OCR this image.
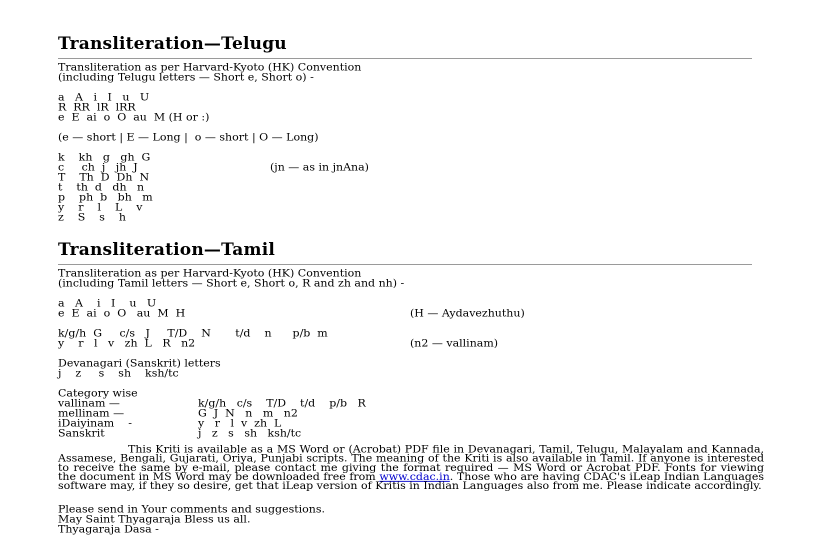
Transliteration—Telugu
Transliteration as per Harvard-Kyoto (HK) Convention
(including Telugu letters — Short e, Short o) -
a   A   i   I   u   U
R  RR  lR  lRR
e  E  ai  o  O  au  M (H or :)
(e — short | E — Long |  o — short | O — Long)
k    kh   g   gh  G
c     ch  j   jh  J	(jn — as in jnAna)
T    Th  D  Dh  N
t    th  d   dh   n
p    ph  b   bh   m
y    r    l    L    v
z    S    s    h
Transliteration—Tamil
Transliteration as per Harvard-Kyoto (HK) Convention
(including Tamil letters — Short e, Short o, R and zh and nh) -
a   A    i   I    u   U
e  E  ai  o  O   au  M  H	(H — Aydavezhuthu)
k/g/h  G     c/s   J     T/D    N       t/d    n      p/b  m
y    r   l   v   zh  L   R   n2	(n2 — vallinam)
Devanagari (Sanskrit) letters
j    z     s    sh    ksh/tc
Category wise
vallinam —	k/g/h   c/s    T/D    t/d    p/b   R
mellinam —	G  J  N   n   m   n2
iDaiyinam    -	y   r   l  v  zh  L
Sanskrit	j   z   s   sh   ksh/tc
This Kriti is available as a MS Word or (Acrobat) PDF file in Devanagari, Tamil, Telugu, Malayalam and Kannada, Assamese, Bengali, Gujarati, Oriya, Punjabi scripts. The meaning of the Kriti is also available in Tamil. If anyone is interested to receive the same by e-mail, please contact me giving the format required — MS Word or Acrobat PDF. Fonts for viewing the document in MS Word may be downloaded free from www.cdac.in. Those who are having CDAC's iLeap Indian Languages software may, if they so desire, get that iLeap version of Kritis in Indian Languages also from me. Please indicate accordingly.
Please send in Your comments and suggestions.
May Saint Thyagaraja Bless us all.
Thyagaraja Dasa -
